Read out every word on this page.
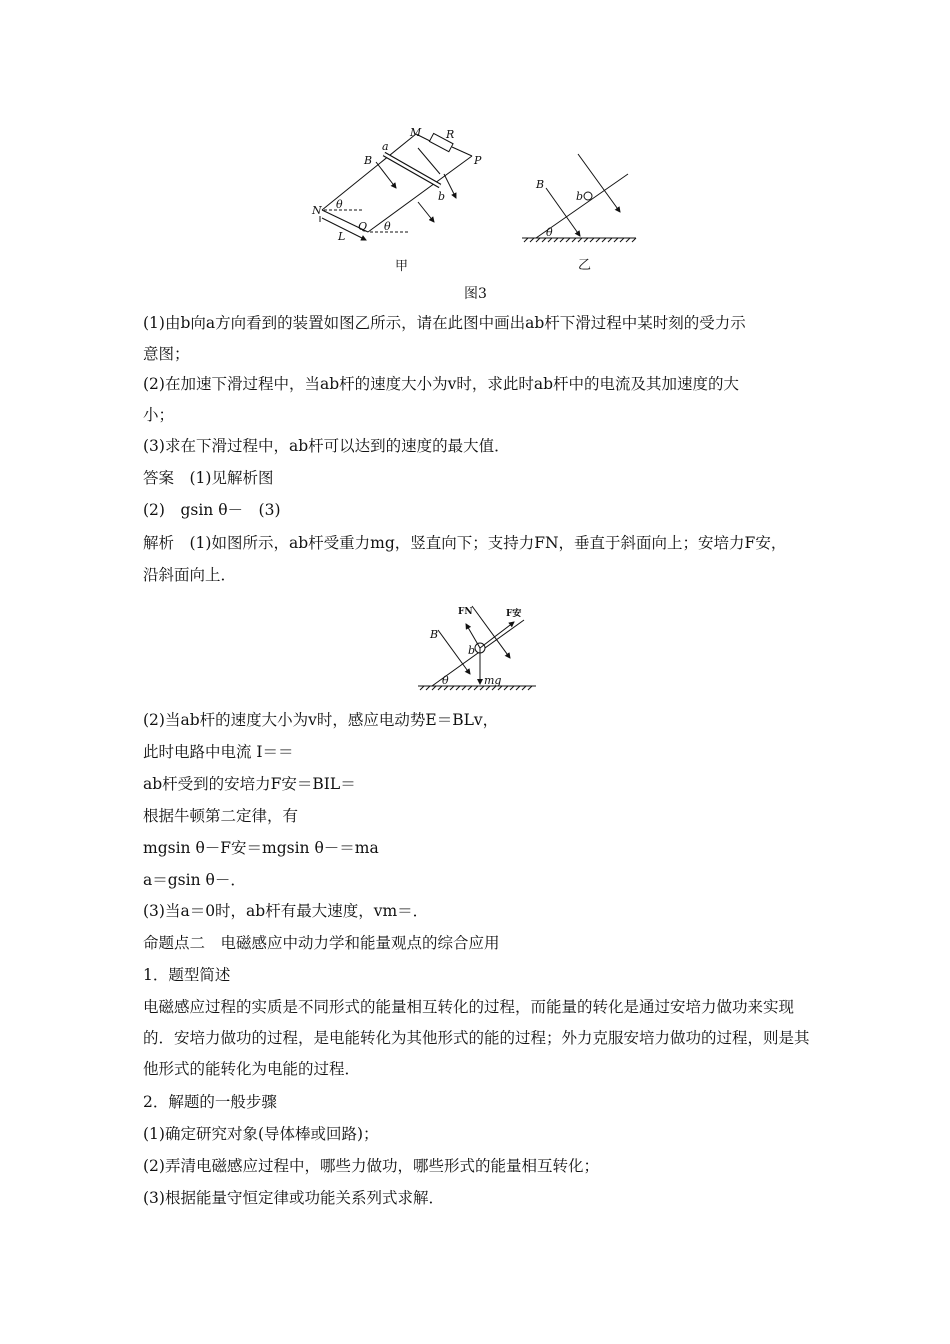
M R
P
a
b
B
N
Q
L
θ
θ
甲
B
b
θ
乙
图3
(1)由b向a方向看到的装置如图乙所示，请在此图中画出ab杆下滑过程中某时刻的受力示
意图；
(2)在加速下滑过程中，当ab杆的速度大小为v时，求此时ab杆中的电流及其加速度的大
小；
(3)求在下滑过程中，ab杆可以达到的速度的最大值．
答案　(1)见解析图
(2)　gsin θ－　(3)
解析　(1)如图所示，ab杆受重力mg，竖直向下；支持力FN，垂直于斜面向上；安培力F安，
沿斜面向上．
FN	F安
B
b
mg
θ
(2)当ab杆的速度大小为v时，感应电动势E＝BLv，
此时电路中电流 I＝＝
ab杆受到的安培力F安＝BIL＝
根据牛顿第二定律，有
mgsin θ－F安＝mgsin θ－＝ma
a＝gsin θ－．
(3)当a＝0时，ab杆有最大速度，vm＝．
命题点二　电磁感应中动力学和能量观点的综合应用
1．题型简述
电磁感应过程的实质是不同形式的能量相互转化的过程，而能量的转化是通过安培力做功来实现的．安培力做功的过程，是电能转化为其他形式的能的过程；外力克服安培力做功的过程，则是其他形式的能转化为电能的过程．
2．解题的一般步骤
(1)确定研究对象(导体棒或回路)；
(2)弄清电磁感应过程中，哪些力做功，哪些形式的能量相互转化；
(3)根据能量守恒定律或功能关系列式求解．
